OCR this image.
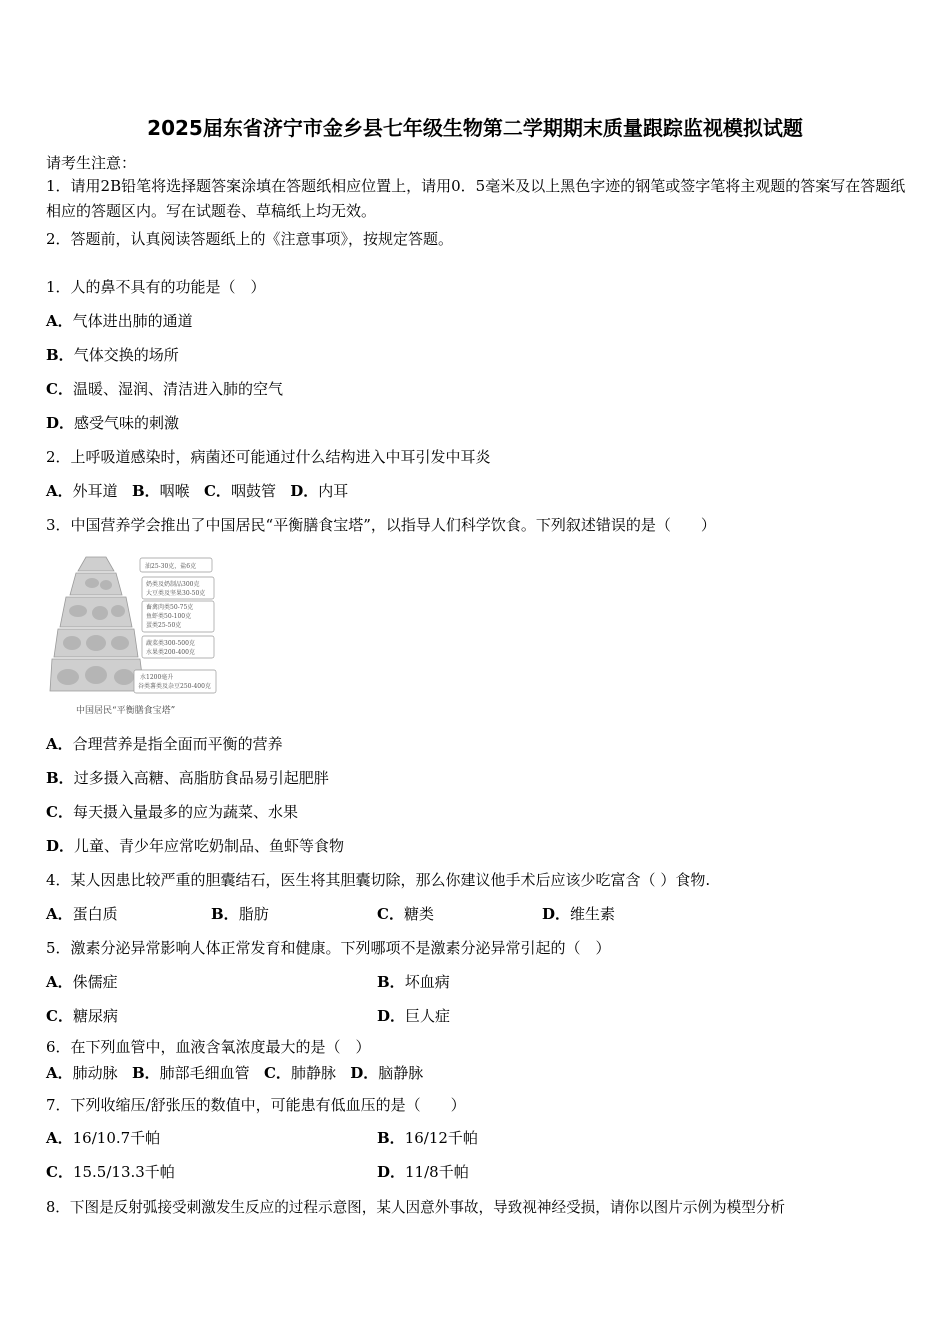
2025届东省济宁市金乡县七年级生物第二学期期末质量跟踪监视模拟试题
请考生注意：
1．请用2B铅笔将选择题答案涂填在答题纸相应位置上，请用0．5毫米及以上黑色字迹的钢笔或签字笔将主观题的答案写在答题纸相应的答题区内。写在试题卷、草稿纸上均无效。
2．答题前，认真阅读答题纸上的《注意事项》，按规定答题。
1．人的鼻不具有的功能是（　）
A．气体进出肺的通道
B．气体交换的场所
C．温暖、湿润、清洁进入肺的空气
D．感受气味的刺激
2．上呼吸道感染时，病菌还可能通过什么结构进入中耳引发中耳炎
A．外耳道 B．咽喉 C．咽鼓管 D．内耳
3．中国营养学会推出了中国居民“平衡膳食宝塔”，以指导人们科学饮食。下列叙述错误的是（　　）
油25-30克，盐6克
奶类及奶制品300克
大豆类及坚果30-50克
畜禽肉类50-75克
鱼虾类50-100克
蛋类25-50克
蔬菜类300-500克
水果类200-400克
水1200毫升
谷类薯类及杂豆250-400克
中国居民“平衡膳食宝塔”
A．合理营养是指全面而平衡的营养
B．过多摄入高糖、高脂肪食品易引起肥胖
C．每天摄入量最多的应为蔬菜、水果
D．儿童、青少年应常吃奶制品、鱼虾等食物
4．某人因患比较严重的胆囊结石，医生将其胆囊切除，那么你建议他手术后应该少吃富含（ ）食物.
A．蛋白质	B．脂肪	C．糖类	D．维生素
5．激素分泌异常影响人体正常发育和健康。下列哪项不是激素分泌异常引起的（　）
A．侏儒症	B．坏血病
C．糖尿病	D．巨人症
6．在下列血管中，血液含氧浓度最大的是（　）
A．肺动脉 B．肺部毛细血管 C．肺静脉 D．脑静脉
7．下列收缩压/舒张压的数值中，可能患有低血压的是（　　）
A．16/10.7千帕	B．16/12千帕
C．15.5/13.3千帕	D．11/8千帕
8．下图是反射弧接受刺激发生反应的过程示意图，某人因意外事故，导致视神经受损，请你以图片示例为模型分析
